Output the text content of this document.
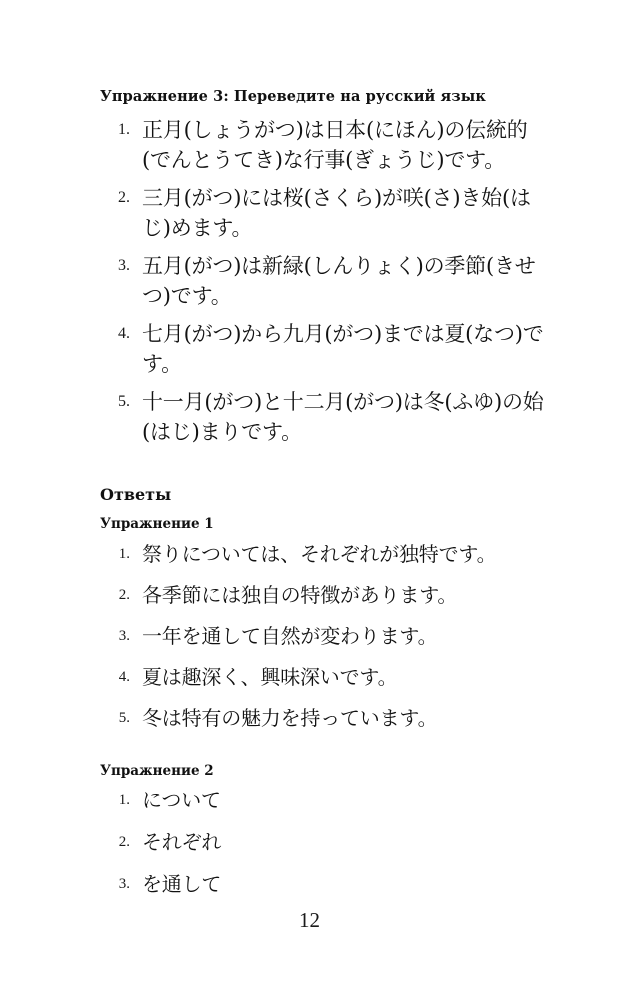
Упражнение 3: Переведите на русский язык
1. 正月(しょうがつ)は日本(にほん)の伝統的(でんとうてき)な行事(ぎょうじ)です。
2. 三月(がつ)には桜(さくら)が咲(さ)き始(はじ)めます。
3. 五月(がつ)は新緑(しんりょく)の季節(きせつ)です。
4. 七月(がつ)から九月(がつ)までは夏(なつ)です。
5. 十一月(がつ)と十二月(がつ)は冬(ふゆ)の始(はじ)まりです。
Ответы
Упражнение 1
1. 祭りについては、それぞれが独特です。
2. 各季節には独自の特徴があります。
3. 一年を通して自然が変わります。
4. 夏は趣深く、興味深いです。
5. 冬は特有の魅力を持っています。
Упражнение 2
1. について
2. それぞれ
3. を通して
12
